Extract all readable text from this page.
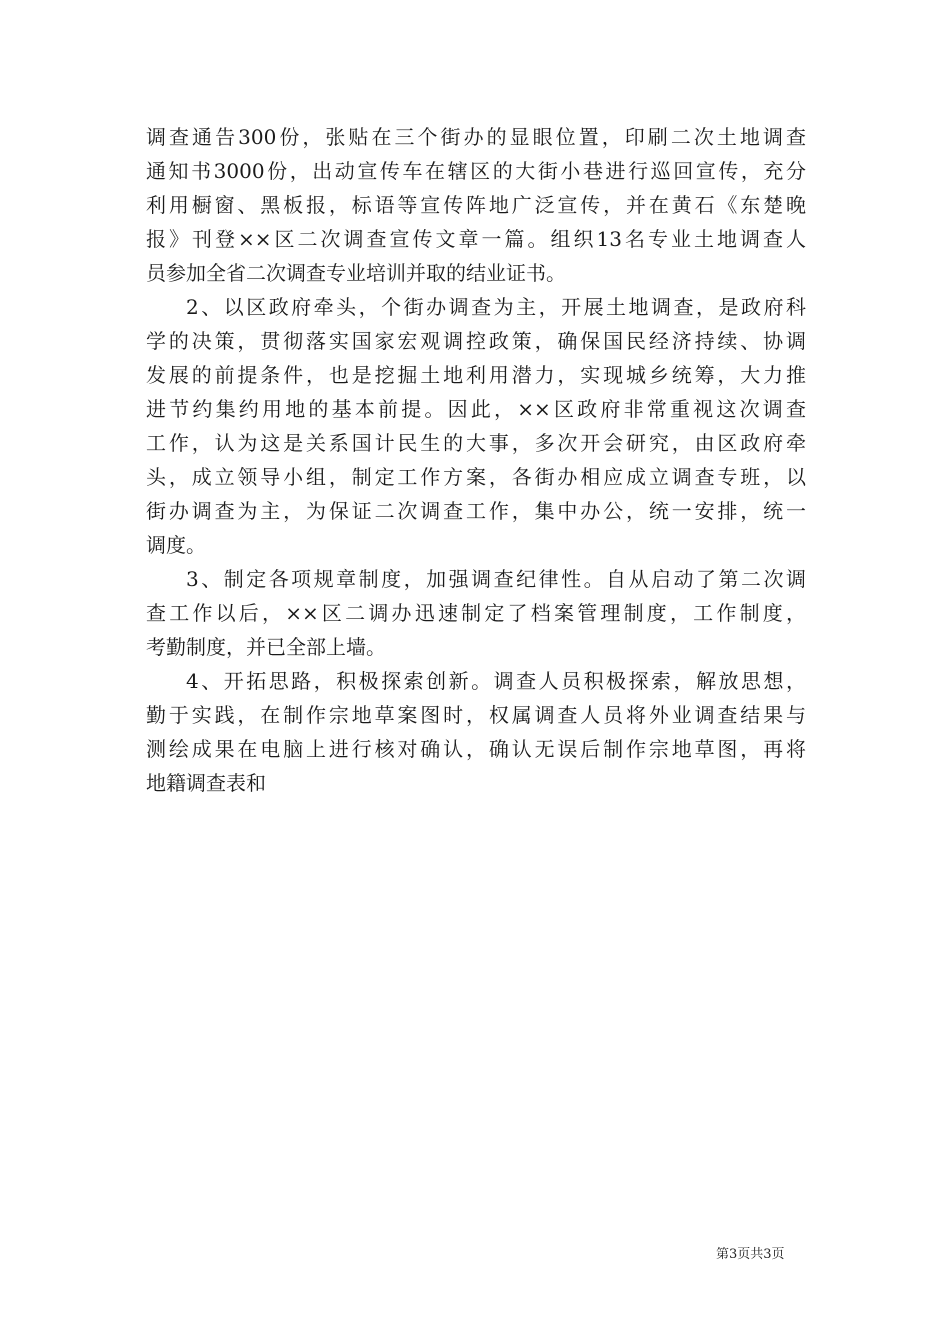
调查通告300份，张贴在三个街办的显眼位置，印刷二次土地调查
通知书3000份，出动宣传车在辖区的大街小巷进行巡回宣传，充分
利用橱窗、黑板报，标语等宣传阵地广泛宣传，并在黄石《东楚晚
报》刊登××区二次调查宣传文章一篇。组织13名专业土地调查人
员参加全省二次调查专业培训并取的结业证书。
2、以区政府牵头，个街办调查为主，开展土地调查，是政府科
学的决策，贯彻落实国家宏观调控政策，确保国民经济持续、协调
发展的前提条件，也是挖掘土地利用潜力，实现城乡统筹，大力推
进节约集约用地的基本前提。因此，××区政府非常重视这次调查
工作，认为这是关系国计民生的大事，多次开会研究，由区政府牵
头，成立领导小组，制定工作方案，各街办相应成立调查专班，以
街办调查为主，为保证二次调查工作，集中办公，统一安排，统一
调度。
3、制定各项规章制度，加强调查纪律性。自从启动了第二次调
查工作以后，××区二调办迅速制定了档案管理制度，工作制度，
考勤制度，并已全部上墙。
4、开拓思路，积极探索创新。调查人员积极探索，解放思想，
勤于实践，在制作宗地草案图时，权属调查人员将外业调查结果与
测绘成果在电脑上进行核对确认，确认无误后制作宗地草图，再将
地籍调查表和
第3页共3页
